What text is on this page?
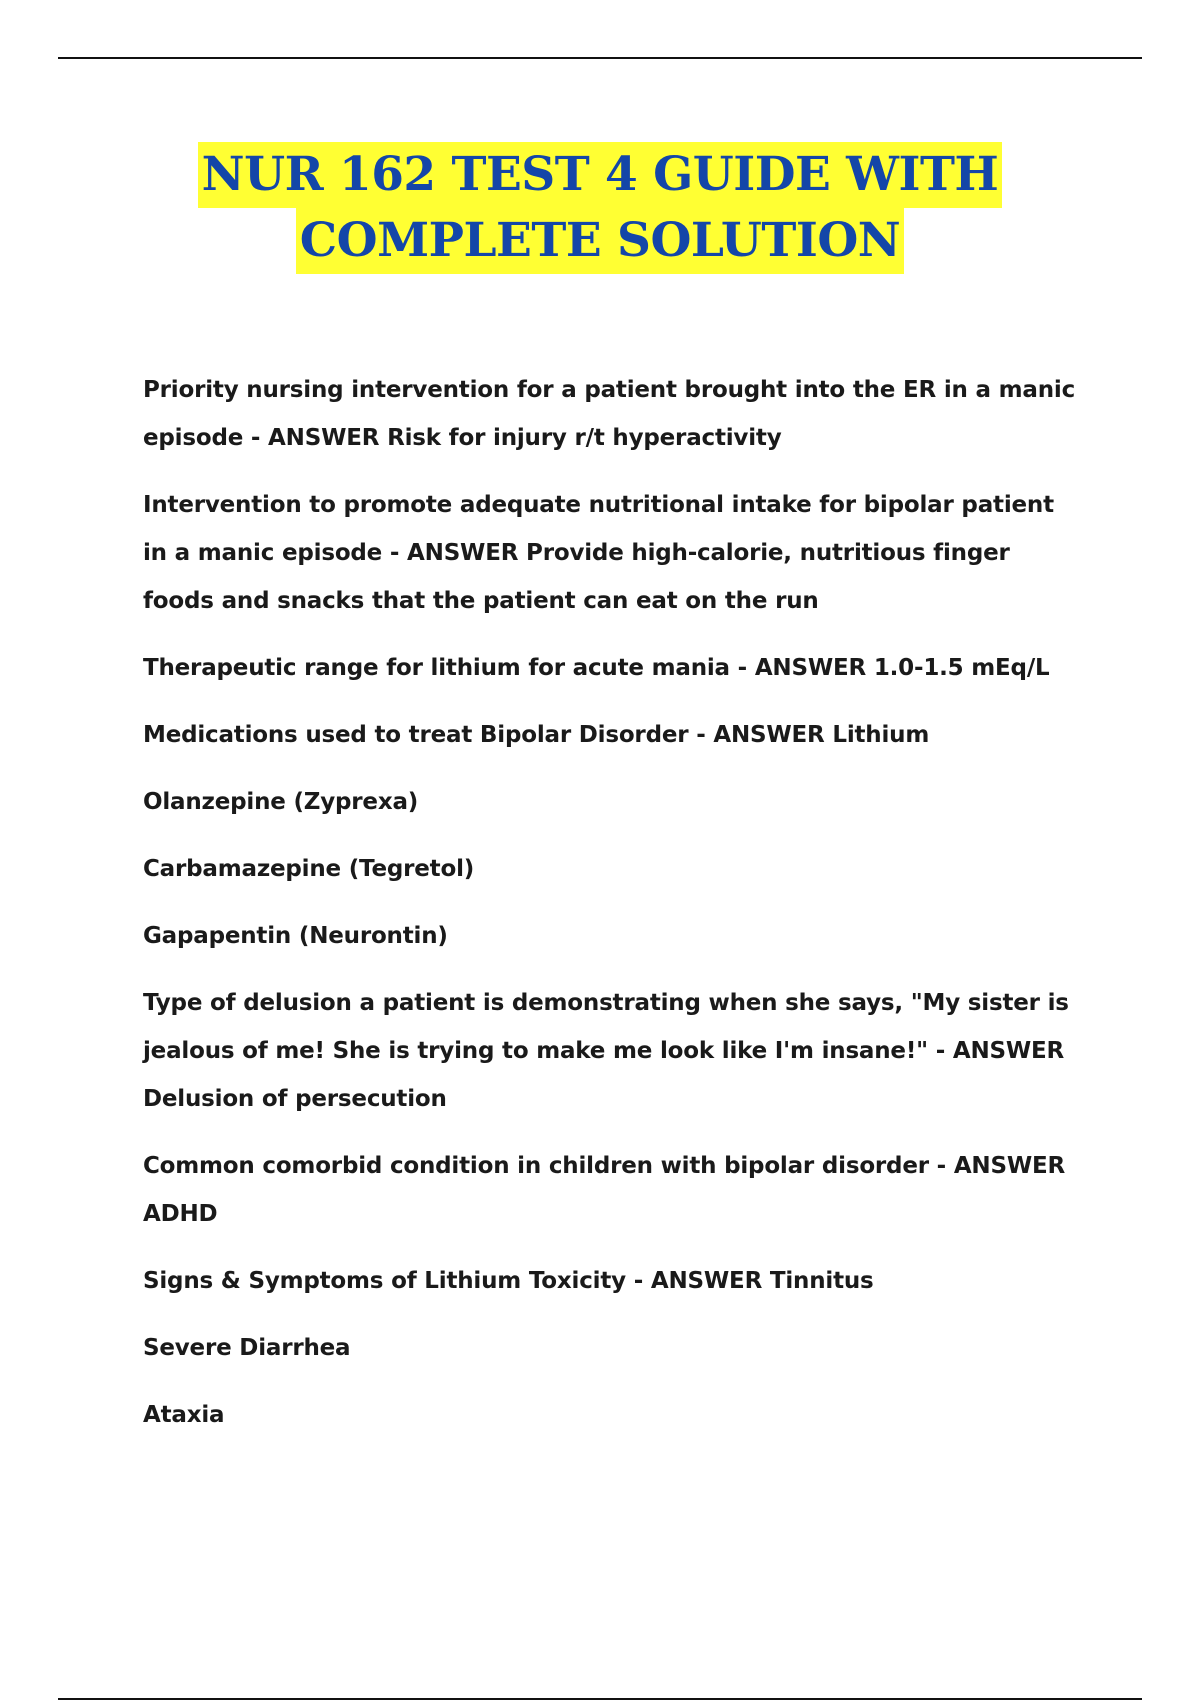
NUR 162 TEST 4 GUIDE WITH
COMPLETE SOLUTION

Priority nursing intervention for a patient brought into the ER in a manic episode - ANSWER Risk for injury r/t hyperactivity

Intervention to promote adequate nutritional intake for bipolar patient in a manic episode - ANSWER Provide high-calorie, nutritious finger foods and snacks that the patient can eat on the run

Therapeutic range for lithium for acute mania - ANSWER 1.0-1.5 mEq/L

Medications used to treat Bipolar Disorder - ANSWER Lithium

Olanzepine (Zyprexa)

Carbamazepine (Tegretol)

Gapapentin (Neurontin)

Type of delusion a patient is demonstrating when she says, "My sister is jealous of me! She is trying to make me look like I'm insane!" - ANSWER Delusion of persecution

Common comorbid condition in children with bipolar disorder - ANSWER ADHD

Signs & Symptoms of Lithium Toxicity - ANSWER Tinnitus

Severe Diarrhea

Ataxia
